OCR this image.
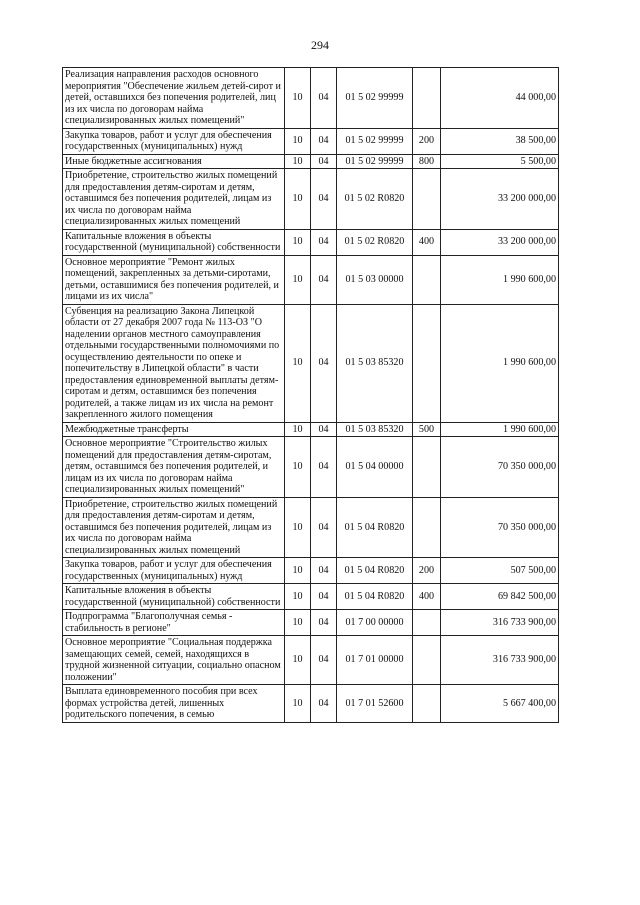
294
Реализация направления расходов основного мероприятия "Обеспечение жильем детей-сирот и детей, оставшихся без попечения родителей, лиц из их числа по договорам найма специализированных жилых помещений"	10	04	01 5 02 99999		44 000,00
Закупка товаров, работ и услуг для обеспечения государственных (муниципальных) нужд	10	04	01 5 02 99999	200	38 500,00
Иные бюджетные ассигнования	10	04	01 5 02 99999	800	5 500,00
Приобретение, строительство жилых помещений для предоставления детям-сиротам и детям, оставшимся без попечения родителей, лицам из их числа по договорам найма специализированных жилых помещений	10	04	01 5 02 R0820		33 200 000,00
Капитальные вложения в объекты государственной (муниципальной) собственности	10	04	01 5 02 R0820	400	33 200 000,00
Основное мероприятие "Ремонт жилых помещений, закрепленных за детьми-сиротами, детьми, оставшимися без попечения родителей, и лицами из их числа"	10	04	01 5 03 00000		1 990 600,00
Субвенция на реализацию Закона Липецкой области от 27 декабря 2007 года № 113-ОЗ "О наделении органов местного самоуправления отдельными государственными полномочиями по осуществлению деятельности по опеке и попечительству в Липецкой области" в части предоставления единовременной выплаты детям-сиротам и детям, оставшимся без попечения родителей, а также лицам из их числа на ремонт закрепленного жилого помещения	10	04	01 5 03 85320		1 990 600,00
Межбюджетные трансферты	10	04	01 5 03 85320	500	1 990 600,00
Основное мероприятие "Строительство жилых помещений для предоставления детям-сиротам, детям, оставшимся без попечения родителей, и лицам из их числа по договорам найма специализированных жилых помещений"	10	04	01 5 04 00000		70 350 000,00
Приобретение, строительство жилых помещений для предоставления детям-сиротам и детям, оставшимся без попечения родителей, лицам из их числа по договорам найма специализированных жилых помещений	10	04	01 5 04 R0820		70 350 000,00
Закупка товаров, работ и услуг для обеспечения государственных (муниципальных) нужд	10	04	01 5 04 R0820	200	507 500,00
Капитальные вложения в объекты государственной (муниципальной) собственности	10	04	01 5 04 R0820	400	69 842 500,00
Подпрограмма "Благополучная семья - стабильность в регионе"	10	04	01 7 00 00000		316 733 900,00
Основное мероприятие "Социальная поддержка замещающих семей, семей, находящихся в трудной жизненной ситуации, социально опасном положении"	10	04	01 7 01 00000		316 733 900,00
Выплата единовременного пособия при всех формах устройства детей, лишенных родительского попечения, в семью	10	04	01 7 01 52600		5 667 400,00
